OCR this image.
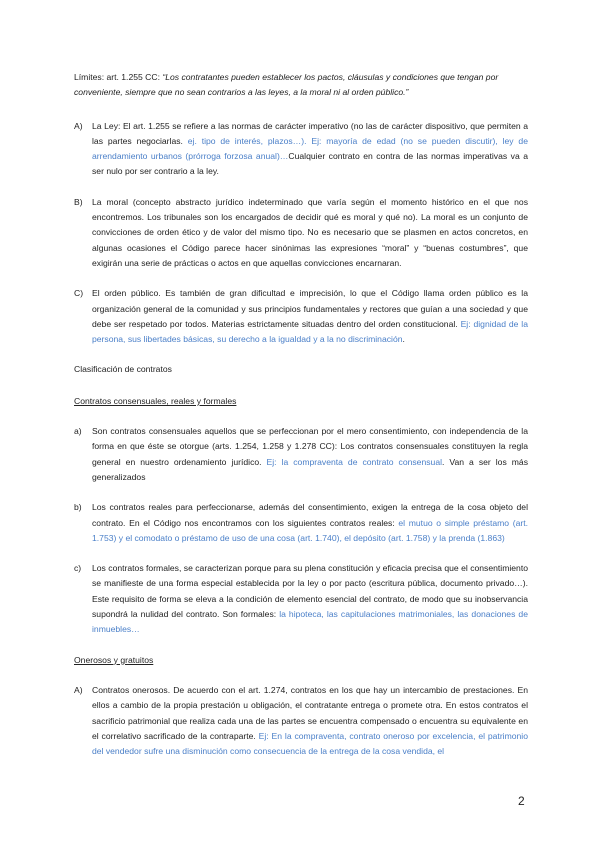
Límites: art. 1.255 CC: “Los contratantes pueden establecer los pactos, cláusulas y condiciones que tengan por conveniente, siempre que no sean contrarios a las leyes, a la moral ni al orden público.”

A)	La Ley: El art. 1.255 se refiere a las normas de carácter imperativo (no las de carácter dispositivo, que permiten a las partes negociarlas. ej. tipo de interés, plazos…). Ej: mayoría de edad (no se pueden discutir), ley de arrendamiento urbanos (prórroga forzosa anual)…Cualquier contrato en contra de las normas imperativas va a ser nulo por ser contrario a la ley.
B)	La moral (concepto abstracto jurídico indeterminado que varía según el momento histórico en el que nos encontremos. Los tribunales son los encargados de decidir qué es moral y qué no). La moral es un conjunto de convicciones de orden ético y de valor del mismo tipo. No es necesario que se plasmen en actos concretos, en algunas ocasiones el Código parece hacer sinónimas las expresiones “moral” y “buenas costumbres”, que exigirán una serie de prácticas o actos en que aquellas convicciones encarnaran.
C)	El orden público. Es también de gran dificultad e imprecisión, lo que el Código llama orden público es la organización general de la comunidad y sus principios fundamentales y rectores que guían a una sociedad y que debe ser respetado por todos. Materias estrictamente situadas dentro del orden constitucional. Ej: dignidad de la persona, sus libertades básicas, su derecho a la igualdad y a la no discriminación.

Clasificación de contratos

Contratos consensuales, reales y formales

a)	Son contratos consensuales aquellos que se perfeccionan por el mero consentimiento, con independencia de la forma en que éste se otorgue (arts. 1.254, 1.258 y 1.278 CC): Los contratos consensuales constituyen la regla general en nuestro ordenamiento jurídico. Ej: la compraventa de contrato consensual. Van a ser los más generalizados
b)	Los contratos reales para perfeccionarse, además del consentimiento, exigen la entrega de la cosa objeto del contrato. En el Código nos encontramos con los siguientes contratos reales: el mutuo o simple préstamo (art. 1.753) y el comodato o préstamo de uso de una cosa (art. 1.740), el depósito (art. 1.758) y la prenda (1.863)
c)	Los contratos formales, se caracterizan porque para su plena constitución y eficacia precisa que el consentimiento se manifieste de una forma especial establecida por la ley o por pacto (escritura pública, documento privado…). Este requisito de forma se eleva a la condición de elemento esencial del contrato, de modo que su inobservancia supondrá la nulidad del contrato. Son formales: la hipoteca, las capitulaciones matrimoniales, las donaciones de inmuebles…

Onerosos y gratuitos

A)	Contratos onerosos. De acuerdo con el art. 1.274, contratos en los que hay un intercambio de prestaciones. En ellos a cambio de la propia prestación u obligación, el contratante entrega o promete otra. En estos contratos el sacrificio patrimonial que realiza cada una de las partes se encuentra compensado o encuentra su equivalente en el correlativo sacrificado de la contraparte. Ej: En la compraventa, contrato oneroso por excelencia, el patrimonio del vendedor sufre una disminución como consecuencia de la entrega de la cosa vendida, el
2
